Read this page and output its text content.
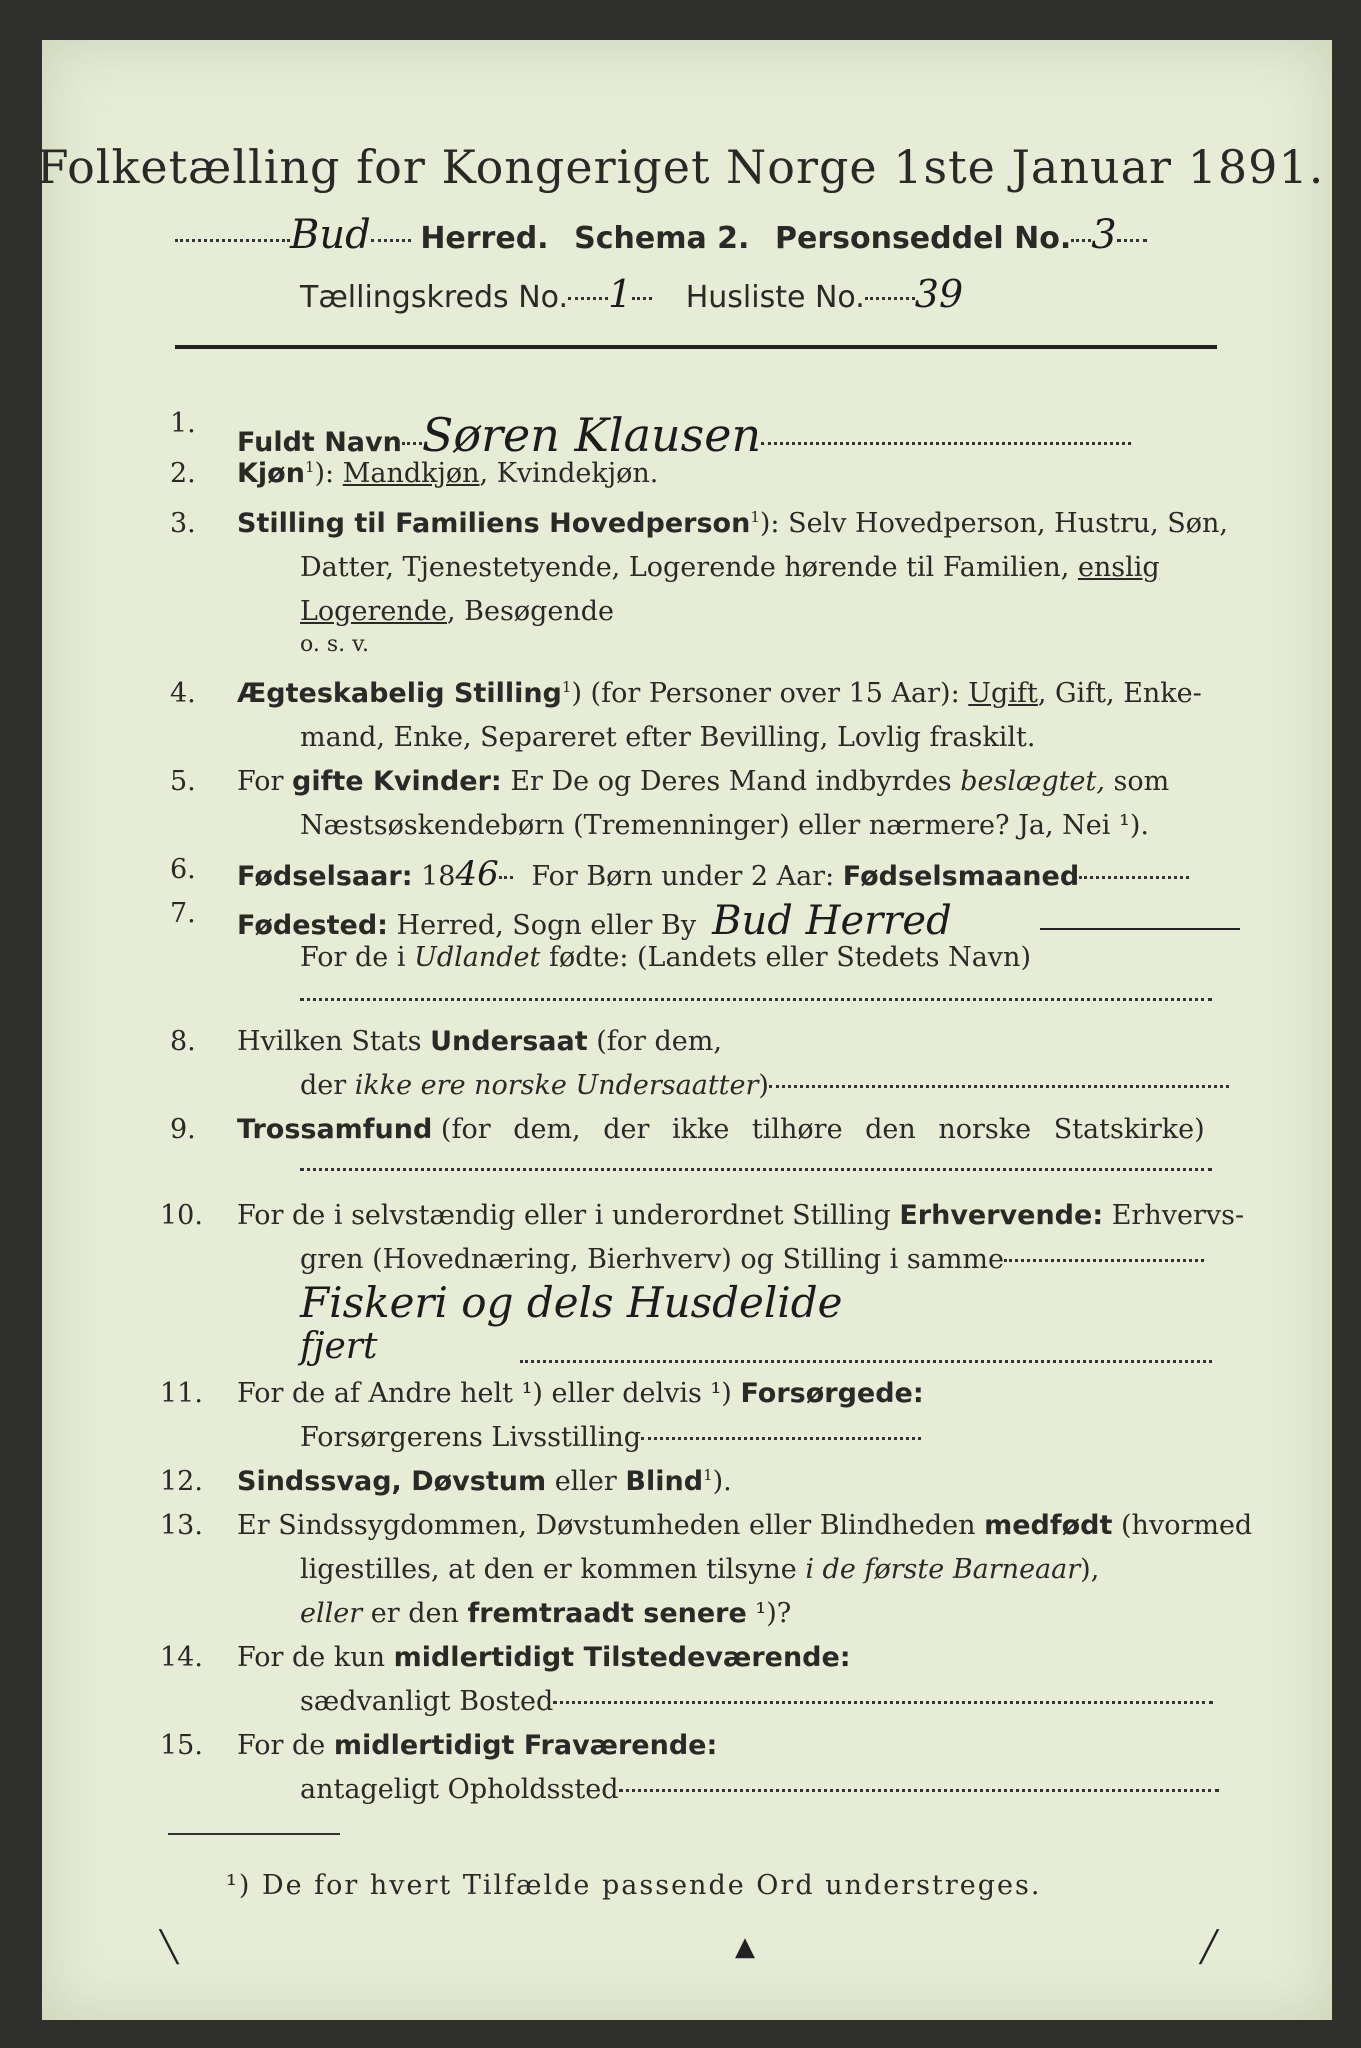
Folketælling for Kongeriget Norge 1ste Januar 1891.
Bud Herred. Schema 2. Personseddel No. 3
Tællingskreds No. 1 Husliste No. 39
1.
Fuldt Navn Søren Klausen
2. Kjøn$^1$): Mandkjøn, Kvindekjøn.
3. Stilling til Familiens Hovedperson$^1$): Selv Hovedperson, Hustru, Søn,
Datter, Tjenestetyende, Logerende hørende til Familien, enslig
Logerende, Besøgende
o. s. v.
4. Ægteskabelig Stilling$^1$) (for Personer over 15 Aar): Ugift, Gift, Enke-
mand, Enke, Separeret efter Bevilling, Lovlig fraskilt.
5. For gifte Kvinder: Er De og Deres Mand indbyrdes beslægtet, som
Næstsøskendebørn (Tremenninger) eller nærmere? Ja, Nei ¹).
6. Fødselsaar: 1846 For Børn under 2 Aar: Fødselsmaaned
7. Fødested: Herred, Sogn eller By Bud Herred
For de i Udlandet fødte: (Landets eller Stedets Navn)
8. Hvilken Stats Undersaat (for dem,
der ikke ere norske Undersaatter)
9. Trossamfund (for dem, der ikke tilhøre den norske Statskirke)
10. For de i selvstændig eller i underordnet Stilling Erhvervende: Erhvervs-
gren (Hovednæring, Bierhverv) og Stilling i samme
Fiskeri og dels Husdelide
fjert
11. For de af Andre helt ¹) eller delvis ¹) Forsørgede:
Forsørgerens Livsstilling
12. Sindssvag, Døvstum eller Blind$^1$).
13. Er Sindssygdommen, Døvstumheden eller Blindheden medfødt (hvormed
ligestilles, at den er kommen tilsyne i de første Barneaar),
eller er den fremtraadt senere ¹)?
14. For de kun midlertidigt Tilstedeværende:
sædvanligt Bosted
15. For de midlertidigt Fraværende:
antageligt Opholdssted
¹) De for hvert Tilfælde passende Ord understreges.
╲	▲	╱
